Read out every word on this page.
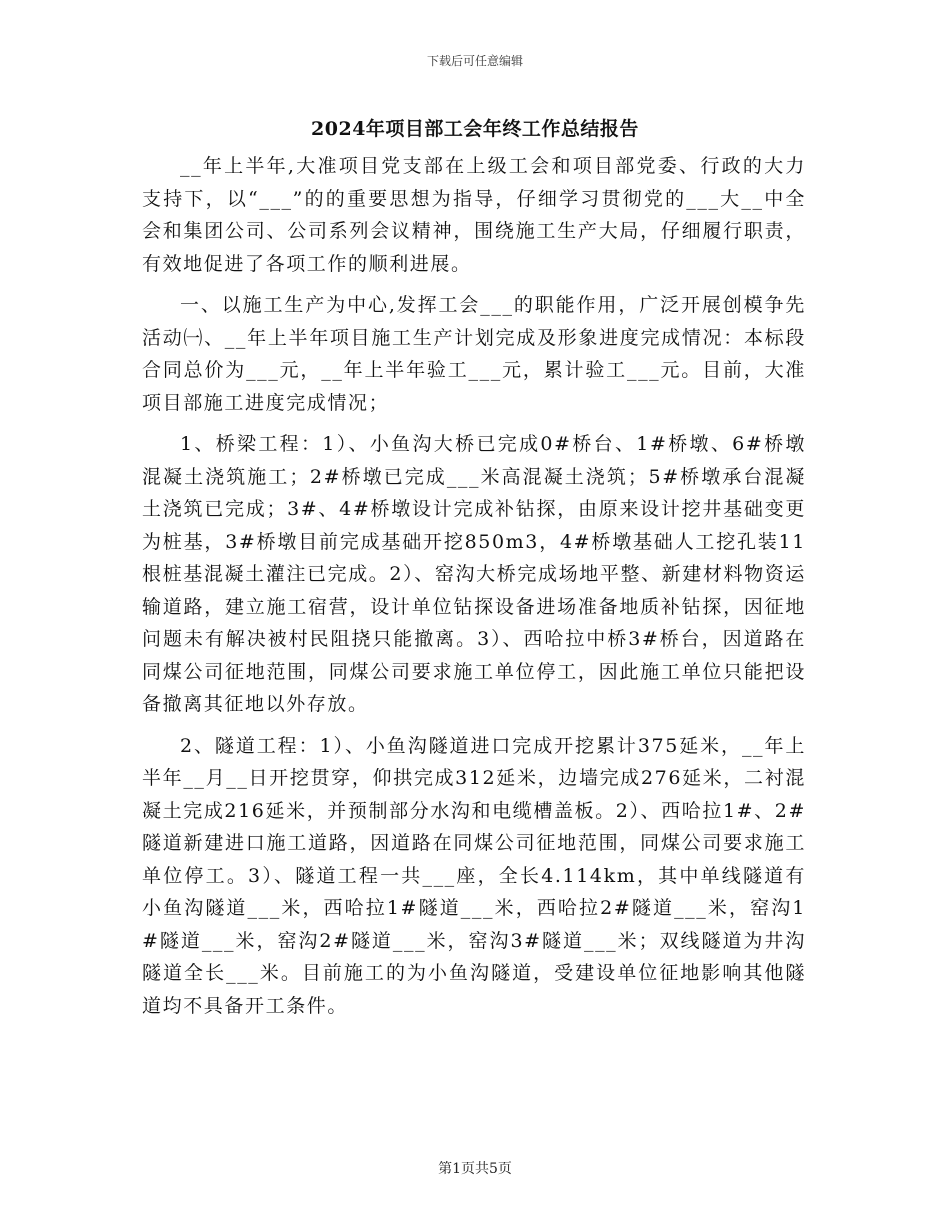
下载后可任意编辑
2024年项目部工会年终工作总结报告

__年上半年,大准项目党支部在上级工会和项目部党委、行政的大力支持下，以“___”的的重要思想为指导，仔细学习贯彻党的___大__中全会和集团公司、公司系列会议精神，围绕施工生产大局，仔细履行职责，有效地促进了各项工作的顺利进展。

一、以施工生产为中心,发挥工会___的职能作用，广泛开展创模争先活动㈠、__年上半年项目施工生产计划完成及形象进度完成情况：本标段合同总价为___元，__年上半年验工___元，累计验工___元。目前，大准项目部施工进度完成情况；

1、桥梁工程：1）、小鱼沟大桥已完成0#桥台、1#桥墩、6#桥墩混凝土浇筑施工；2#桥墩已完成___米高混凝土浇筑；5#桥墩承台混凝土浇筑已完成；3#、4#桥墩设计完成补钻探，由原来设计挖井基础变更为桩基，3#桥墩目前完成基础开挖850m3，4#桥墩基础人工挖孔装11根桩基混凝土灌注已完成。2）、窑沟大桥完成场地平整、新建材料物资运输道路，建立施工宿营，设计单位钻探设备进场准备地质补钻探，因征地问题未有解决被村民阻挠只能撤离。3）、西哈拉中桥3#桥台，因道路在同煤公司征地范围，同煤公司要求施工单位停工，因此施工单位只能把设备撤离其征地以外存放。

2、隧道工程：1）、小鱼沟隧道进口完成开挖累计375延米，__年上半年__月__日开挖贯穿，仰拱完成312延米，边墙完成276延米，二衬混凝土完成216延米，并预制部分水沟和电缆槽盖板。2）、西哈拉1#、2#隧道新建进口施工道路，因道路在同煤公司征地范围，同煤公司要求施工单位停工。3）、隧道工程一共___座，全长4.114km，其中单线隧道有小鱼沟隧道___米，西哈拉1#隧道___米，西哈拉2#隧道___米，窑沟1#隧道___米，窑沟2#隧道___米，窑沟3#隧道___米；双线隧道为井沟隧道全长___米。目前施工的为小鱼沟隧道，受建设单位征地影响其他隧道均不具备开工条件。

第1页共5页
